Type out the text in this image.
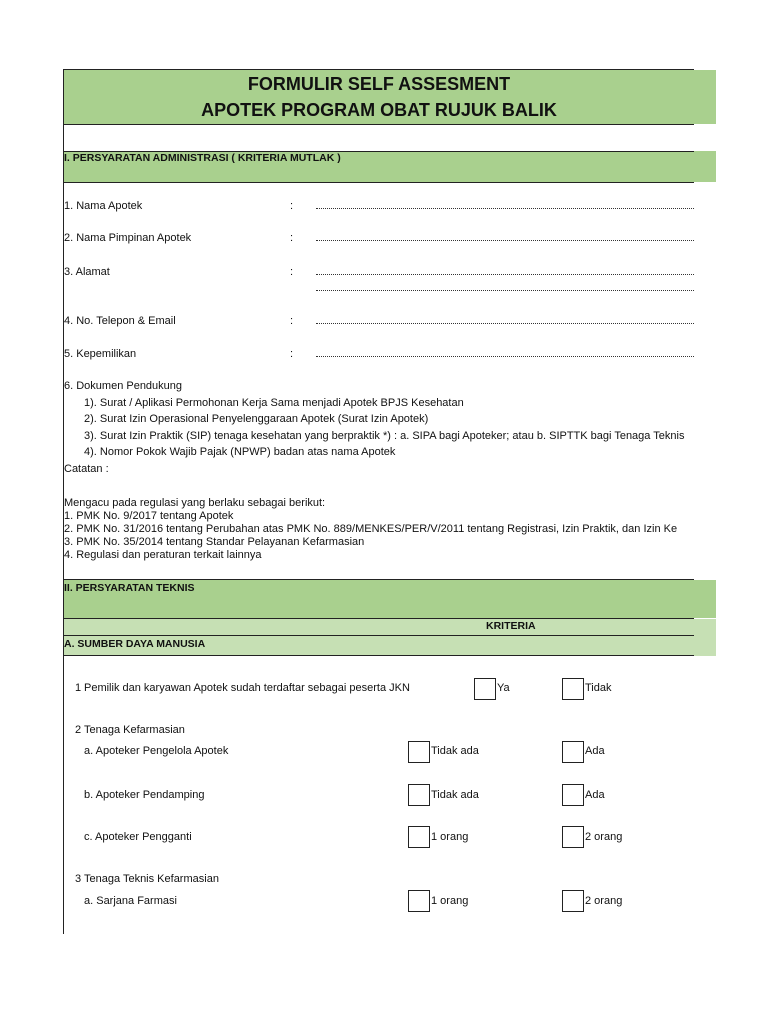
FORMULIR SELF ASSESMENT
APOTEK PROGRAM OBAT RUJUK BALIK
I. PERSYARATAN ADMINISTRASI ( KRITERIA MUTLAK )
1. Nama Apotek	:
2. Nama Pimpinan Apotek	:
3. Alamat	:
4. No. Telepon & Email	:
5. Kepemilikan	:
6. Dokumen Pendukung
1). Surat / Aplikasi Permohonan Kerja Sama menjadi Apotek BPJS Kesehatan
2). Surat Izin Operasional Penyelenggaraan Apotek (Surat Izin Apotek)
3). Surat Izin Praktik (SIP) tenaga kesehatan yang berpraktik *) : a. SIPA bagi Apoteker; atau b. SIPTTK bagi Tenaga Teknis
4). Nomor Pokok Wajib Pajak (NPWP) badan atas nama Apotek
Catatan :
Mengacu pada regulasi yang berlaku sebagai berikut:
1. PMK No. 9/2017 tentang Apotek
2. PMK No. 31/2016 tentang Perubahan atas PMK No. 889/MENKES/PER/V/2011 tentang Registrasi, Izin Praktik, dan Izin Ke
3. PMK No. 35/2014 tentang Standar Pelayanan Kefarmasian
4. Regulasi dan peraturan terkait lainnya
II. PERSYARATAN TEKNIS
KRITERIA
A. SUMBER DAYA MANUSIA
1 Pemilik dan karyawan Apotek sudah terdaftar sebagai peserta JKN	Ya	Tidak
2 Tenaga Kefarmasian
a. Apoteker Pengelola Apotek	Tidak ada	Ada
b. Apoteker Pendamping	Tidak ada	Ada
c. Apoteker Pengganti	1 orang	2 orang
3 Tenaga Teknis Kefarmasian
a. Sarjana Farmasi	1 orang	2 orang
